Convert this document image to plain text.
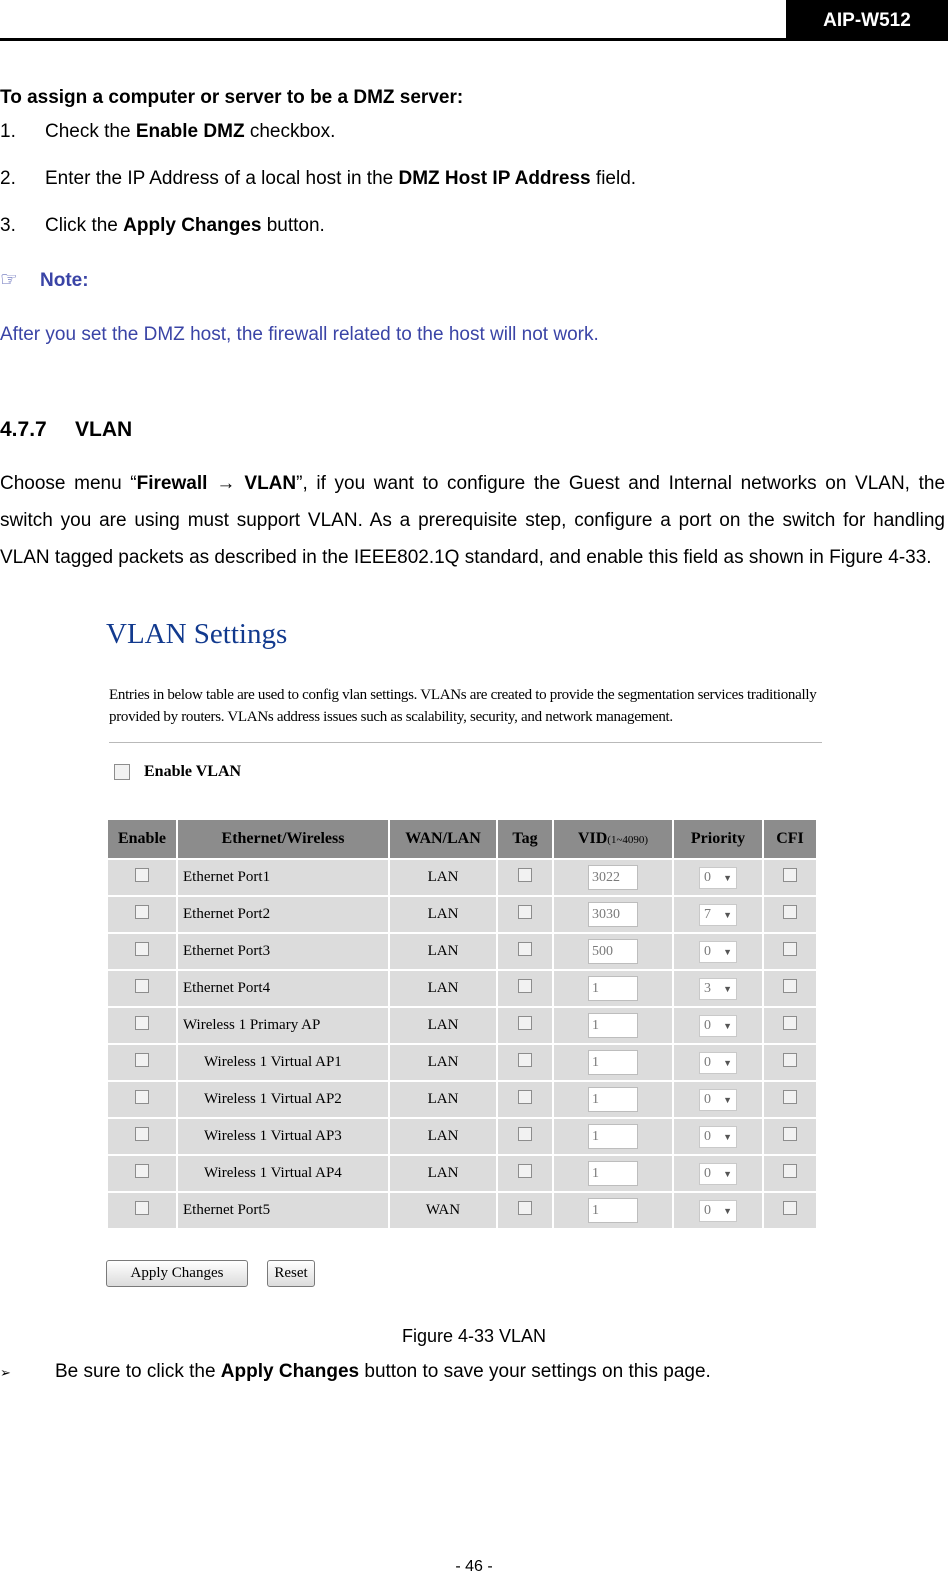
AIP-W512
To assign a computer or server to be a DMZ server:
1. Check the Enable DMZ checkbox.
2. Enter the IP Address of a local host in the DMZ Host IP Address field.
3. Click the Apply Changes button.
☞ Note:
After you set the DMZ host, the firewall related to the host will not work.
4.7.7 VLAN
Choose menu “Firewall → VLAN”, if you want to configure the Guest and Internal networks on VLAN, the switch you are using must support VLAN. As a prerequisite step, configure a port on the switch for handling VLAN tagged packets as described in the IEEE802.1Q standard, and enable this field as shown in Figure 4-33.
VLAN Settings
Entries in below table are used to config vlan settings. VLANs are created to provide the segmentation services traditionally provided by routers. VLANs address issues such as scalability, security, and network management.
Enable VLAN
Enable	Ethernet/Wireless	WAN/LAN	Tag	VID(1~4090)	Priority	CFI
	Ethernet Port1	LAN		3022	0 ▼	

	Ethernet Port2	LAN		3030	7 ▼	

	Ethernet Port3	LAN		500	0 ▼	

	Ethernet Port4	LAN		1	3 ▼	

	Wireless 1 Primary AP	LAN		1	0 ▼	

	Wireless 1 Virtual AP1	LAN		1	0 ▼	

	Wireless 1 Virtual AP2	LAN		1	0 ▼	

	Wireless 1 Virtual AP3	LAN		1	0 ▼	

	Wireless 1 Virtual AP4	LAN		1	0 ▼	

	Ethernet Port5	WAN		1	0 ▼	

Apply Changes	Reset
Figure 4-33 VLAN
➢ Be sure to click the Apply Changes button to save your settings on this page.
- 46 -
